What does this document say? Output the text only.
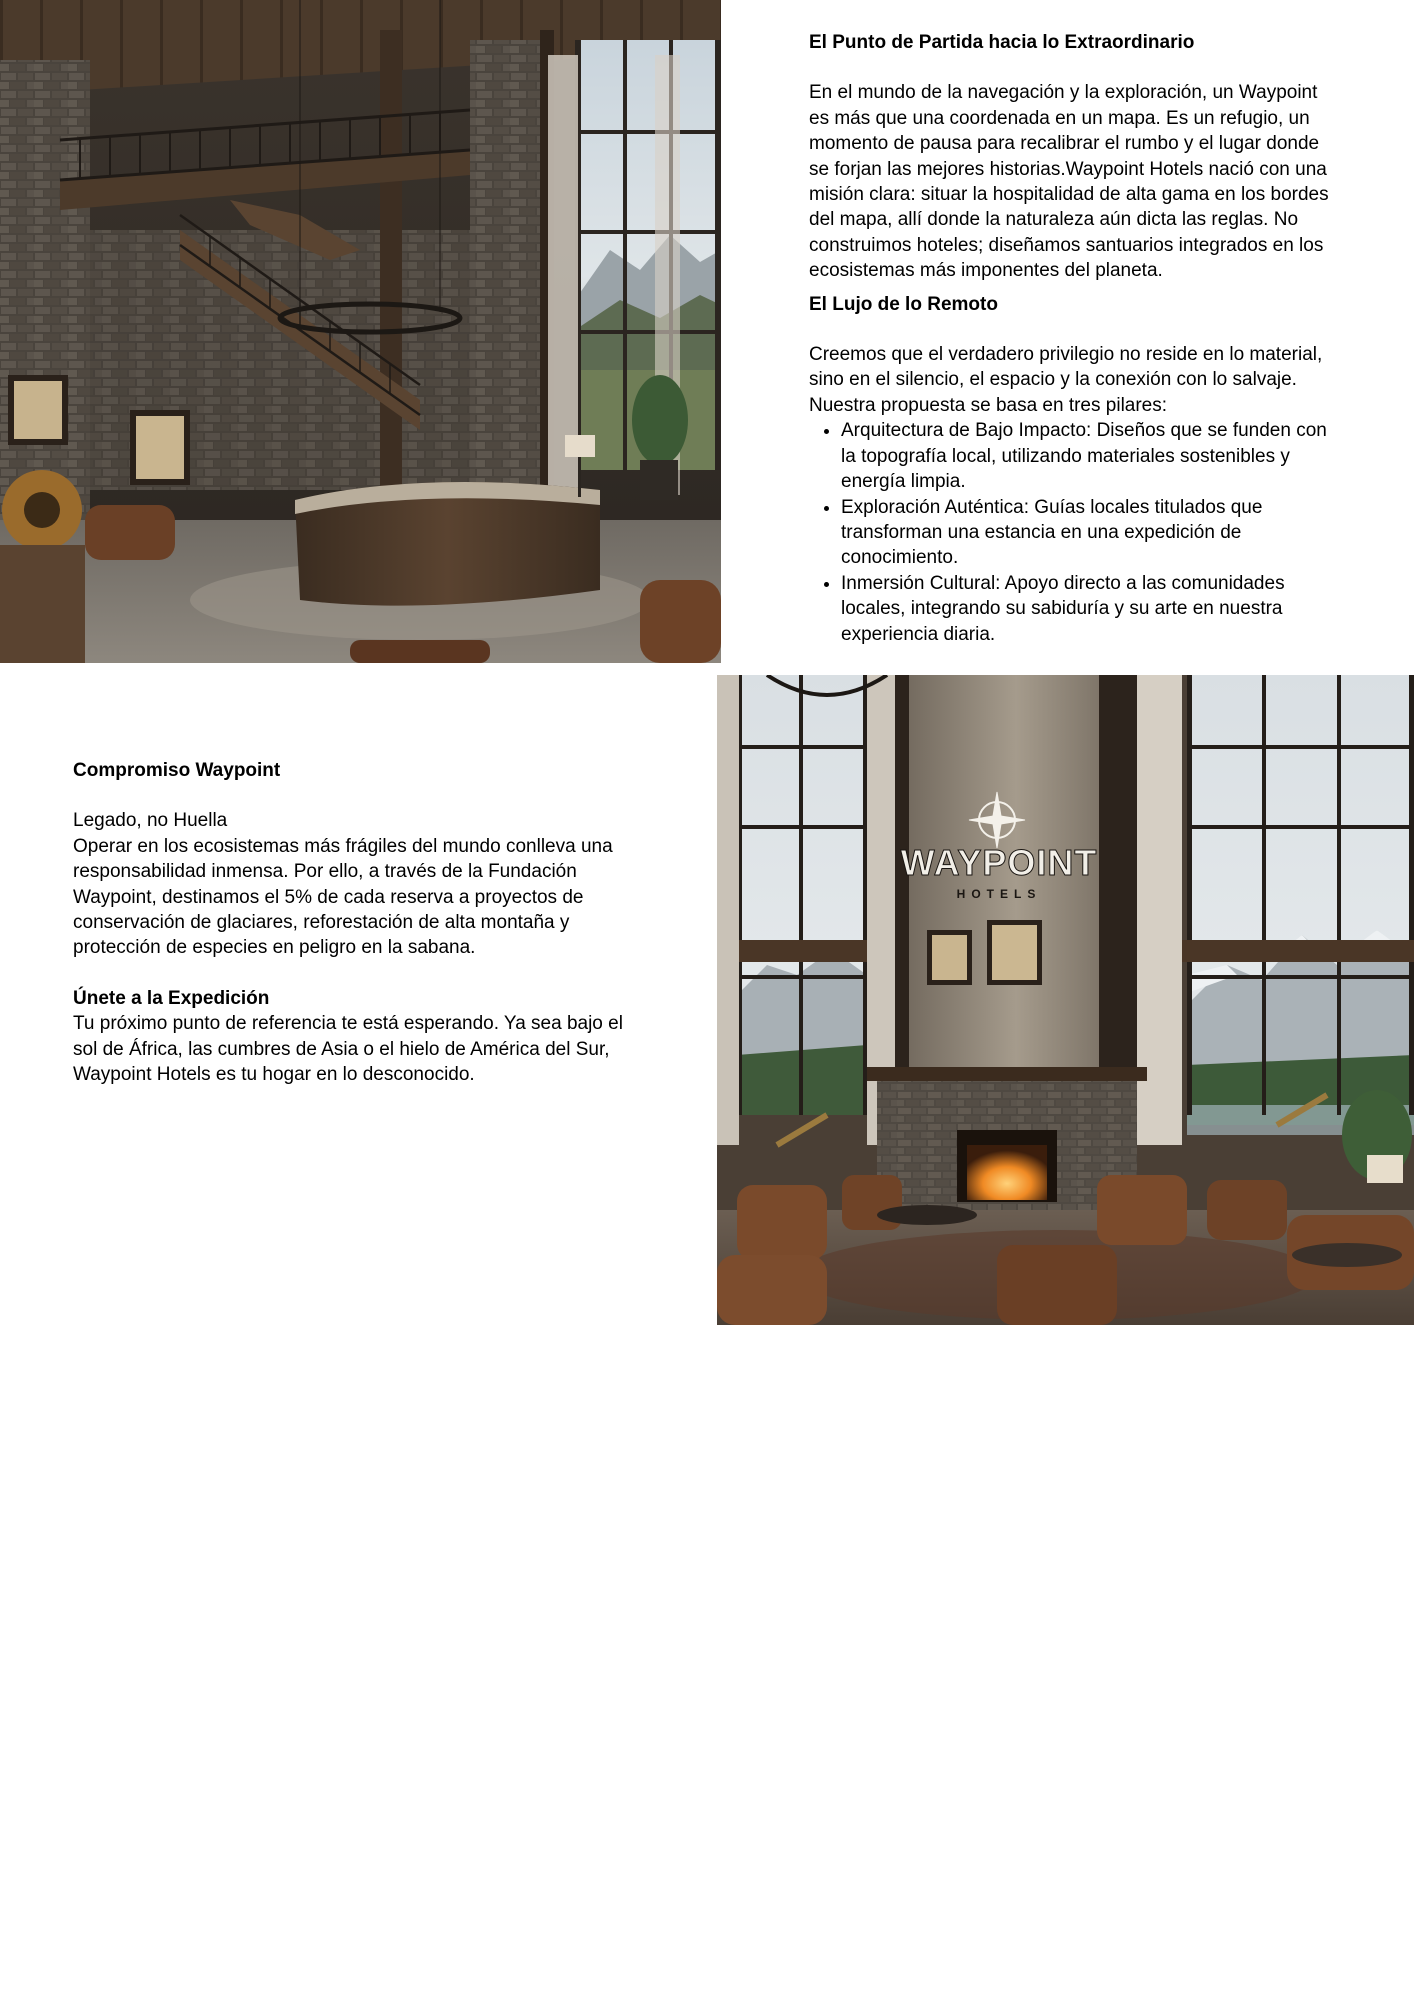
El Punto de Partida hacia lo Extraordinario

En el mundo de la navegación y la exploración, un Waypoint es más que una coordenada en un mapa. Es un refugio, un momento de pausa para recalibrar el rumbo y el lugar donde se forjan las mejores historias.Waypoint Hotels nació con una misión clara: situar la hospitalidad de alta gama en los bordes del mapa, allí donde la naturaleza aún dicta las reglas. No construimos hoteles; diseñamos santuarios integrados en los ecosistemas más imponentes del planeta.

El Lujo de lo Remoto

Creemos que el verdadero privilegio no reside en lo material, sino en el silencio, el espacio y la conexión con lo salvaje. Nuestra propuesta se basa en tres pilares:

• Arquitectura de Bajo Impacto: Diseños que se funden con la topografía local, utilizando materiales sostenibles y energía limpia.
• Exploración Auténtica: Guías locales titulados que transforman una estancia en una expedición de conocimiento.
• Inmersión Cultural: Apoyo directo a las comunidades locales, integrando su sabiduría y su arte en nuestra experiencia diaria.

Compromiso Waypoint

Legado, no Huella

Operar en los ecosistemas más frágiles del mundo conlleva una responsabilidad inmensa. Por ello, a través de la Fundación Waypoint, destinamos el 5% de cada reserva a proyectos de conservación de glaciares, reforestación de alta montaña y protección de especies en peligro en la sabana.

Únete a la Expedición

Tu próximo punto de referencia te está esperando. Ya sea bajo el sol de África, las cumbres de Asia o el hielo de América del Sur, Waypoint Hotels es tu hogar en lo desconocido.

WAYPOINT
HOTELS
